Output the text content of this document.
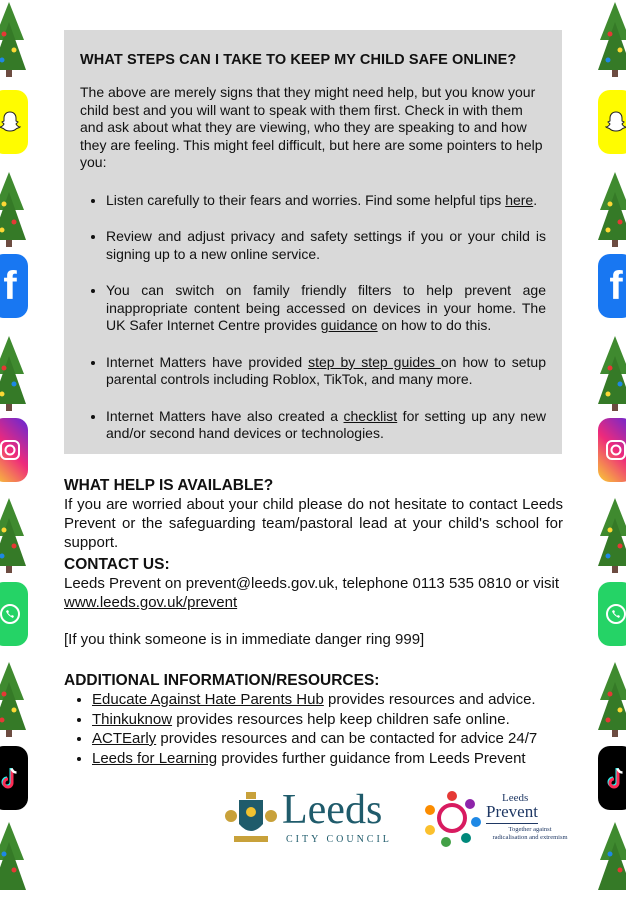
f	f
WHAT STEPS CAN I TAKE TO KEEP MY CHILD SAFE ONLINE?

The above are merely signs that they might need help, but you know your child best and you will want to speak with them first. Check in with them and ask about what they are viewing, who they are speaking to and how they are feeling. This might feel difficult, but here are some pointers to help you:

• Listen carefully to their fears and worries. Find some helpful tips here.
• Review and adjust privacy and safety settings if you or your child is signing up to a new online service.
• You can switch on family friendly filters to help prevent age inappropriate content being accessed on devices in your home. The UK Safer Internet Centre provides guidance on how to do this.
• Internet Matters have provided step by step guides on how to setup parental controls including Roblox, TikTok, and many more.
• Internet Matters have also created a checklist for setting up any new and/or second hand devices or technologies.
WHAT HELP IS AVAILABLE?

If you are worried about your child please do not hesitate to contact Leeds Prevent or the safeguarding team/pastoral lead at your child's school for support.

CONTACT US:

Leeds Prevent on prevent@leeds.gov.uk, telephone 0113 535 0810 or visit
www.leeds.gov.uk/prevent

[If you think someone is in immediate danger ring 999]

ADDITIONAL INFORMATION/RESOURCES:
• Educate Against Hate Parents Hub provides resources and advice.
• Thinkuknow provides resources help keep children safe online.
• ACTEarly provides resources and can be contacted for advice 24/7
• Leeds for Learning provides further guidance from Leeds Prevent
Leeds
CITY COUNCIL
Leeds
Prevent
Together against
radicalisation and extremism
